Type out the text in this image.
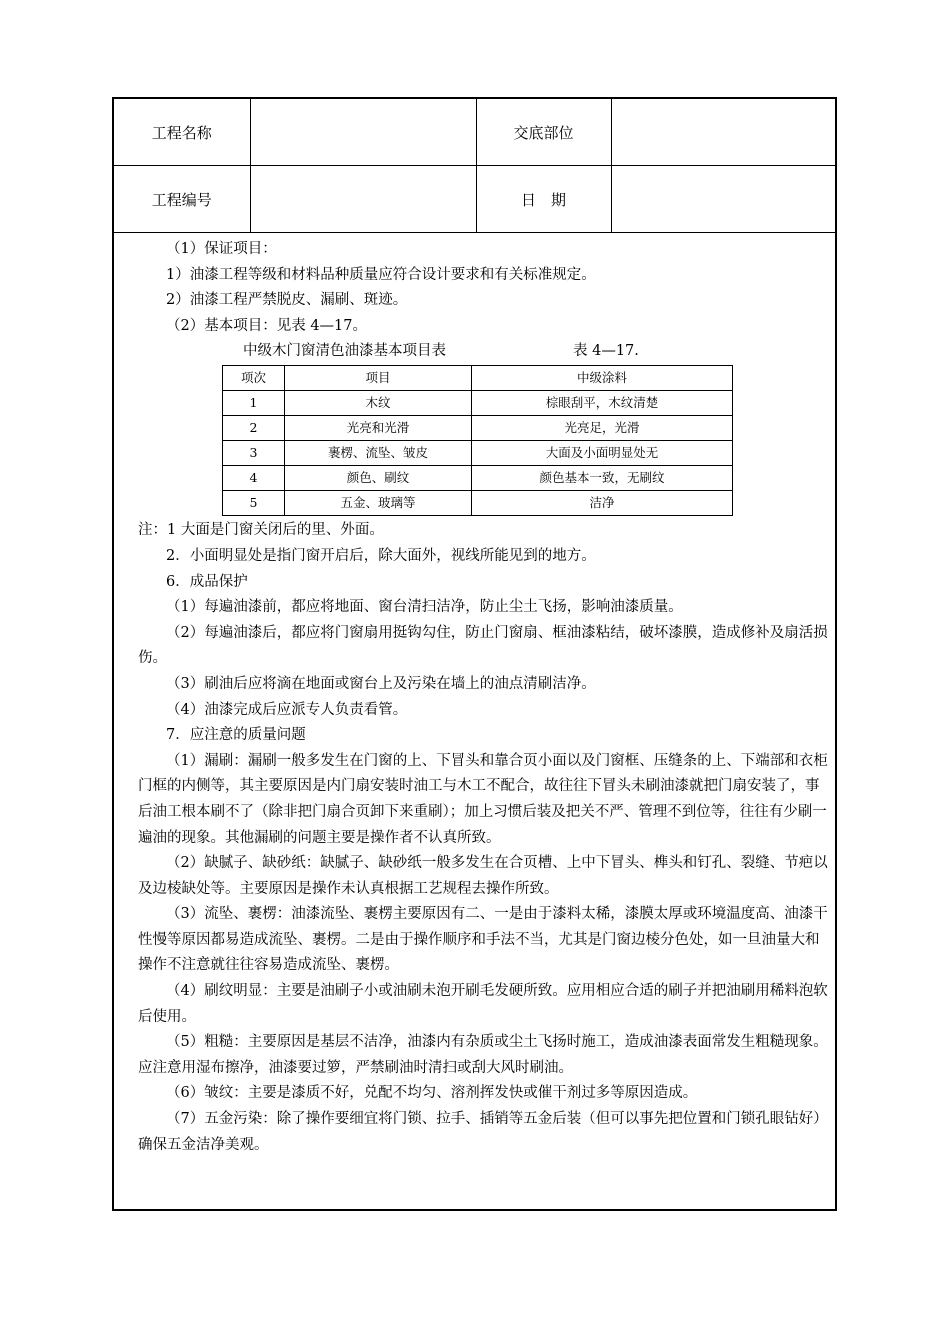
工程名称		交底部位	
工程编号		日　期	

（1）保证项目：

1）油漆工程等级和材料品种质量应符合设计要求和有关标准规定。

2）油漆工程严禁脱皮、漏刷、斑迹。

（2）基本项目：见表 4—17。

中级木门窗清色油漆基本项目表	表 4—17.
项次	项目	中级涂料
1	木纹	棕眼刮平，木纹清楚
2	光亮和光滑	光亮足，光滑
3	裹楞、流坠、皱皮	大面及小面明显处无
4	颜色、刷纹	颜色基本一致，无刷纹
5	五金、玻璃等	洁净

注：1 大面是门窗关闭后的里、外面。

2．小面明显处是指门窗开启后，除大面外，视线所能见到的地方。

6．成品保护

（1）每遍油漆前，都应将地面、窗台清扫洁净，防止尘土飞扬，影响油漆质量。

（2）每遍油漆后，都应将门窗扇用挺钩勾住，防止门窗扇、框油漆粘结，破坏漆膜，造成修补及扇活损伤。

（3）刷油后应将滴在地面或窗台上及污染在墙上的油点清刷洁净。

（4）油漆完成后应派专人负责看管。

7．应注意的质量问题

（1）漏刷：漏刷一般多发生在门窗的上、下冒头和靠合页小面以及门窗框、压缝条的上、下端部和衣柜门框的内侧等，其主要原因是内门扇安装时油工与木工不配合，故往往下冒头未刷油漆就把门扇安装了，事后油工根本刷不了（除非把门扇合页卸下来重刷）；加上习惯后装及把关不严、管理不到位等，往往有少刷一遍油的现象。其他漏刷的问题主要是操作者不认真所致。

（2）缺腻子、缺砂纸：缺腻子、缺砂纸一般多发生在合页槽、上中下冒头、榫头和钉孔、裂缝、节疤以及边棱缺处等。主要原因是操作未认真根据工艺规程去操作所致。

（3）流坠、裹楞：油漆流坠、裹楞主要原因有二、一是由于漆料太稀，漆膜太厚或环境温度高、油漆干性慢等原因都易造成流坠、裹楞。二是由于操作顺序和手法不当，尤其是门窗边棱分色处，如一旦油量大和操作不注意就往往容易造成流坠、裹楞。

（4）刷纹明显：主要是油刷子小或油刷未泡开刷毛发硬所致。应用相应合适的刷子并把油刷用稀料泡软后使用。

（5）粗糙：主要原因是基层不洁净，油漆内有杂质或尘土飞扬时施工，造成油漆表面常发生粗糙现象。应注意用湿布擦净，油漆要过箩，严禁刷油时清扫或刮大风时刷油。

（6）皱纹：主要是漆质不好，兑配不均匀、溶剂挥发快或催干剂过多等原因造成。

（7）五金污染：除了操作要细宜将门锁、拉手、插销等五金后装（但可以事先把位置和门锁孔眼钻好）确保五金洁净美观。
